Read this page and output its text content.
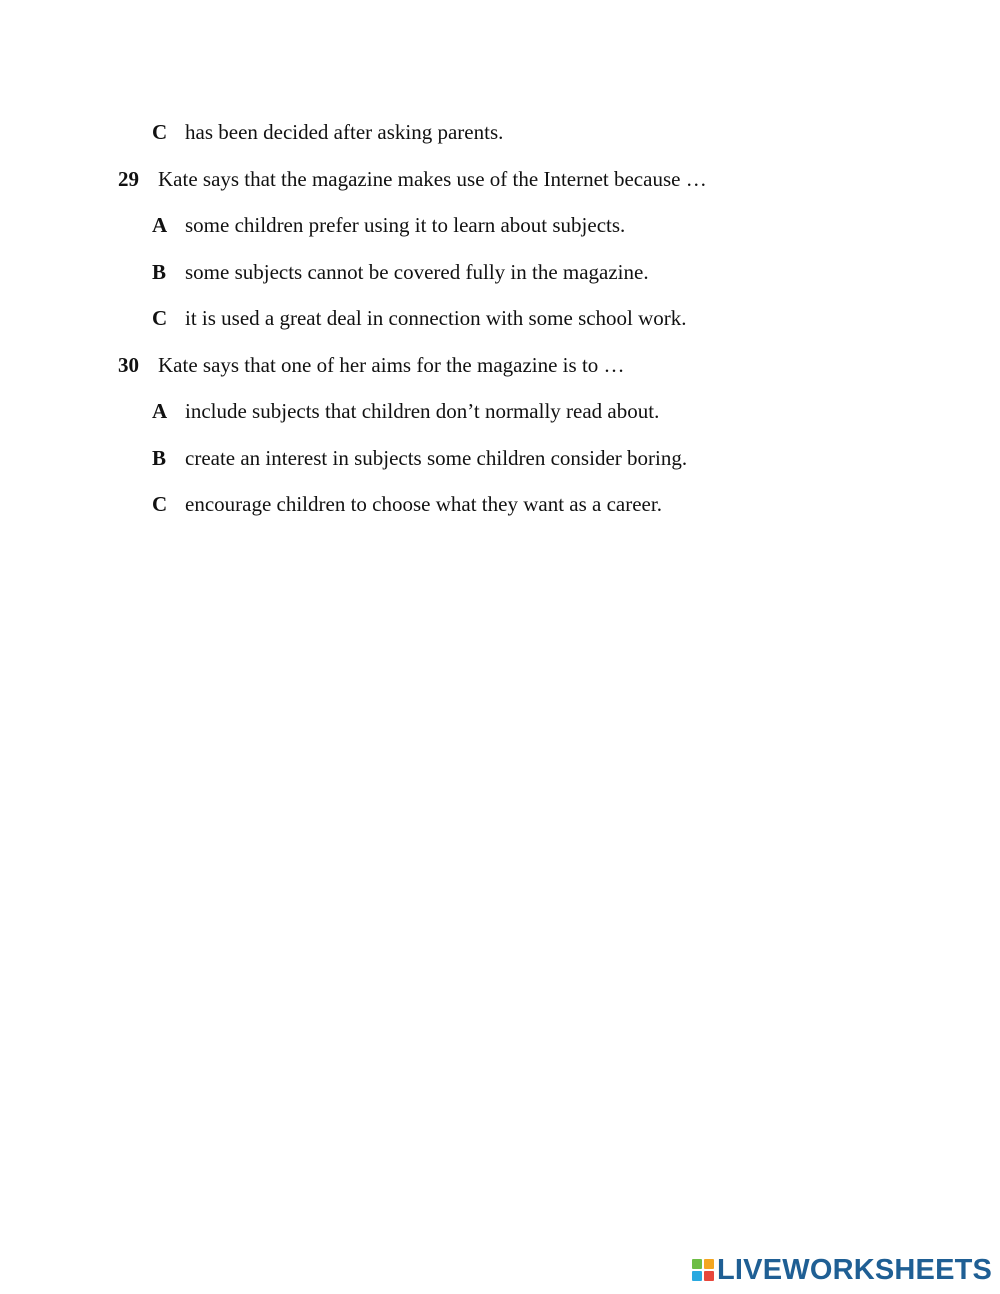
C has been decided after asking parents.
29 Kate says that the magazine makes use of the Internet because …
A some children prefer using it to learn about subjects.
B some subjects cannot be covered fully in the magazine.
C it is used a great deal in connection with some school work.
30 Kate says that one of her aims for the magazine is to …
A include subjects that children don’t normally read about.
B create an interest in subjects some children consider boring.
C encourage children to choose what they want as a career.
LIVEWORKSHEETS
